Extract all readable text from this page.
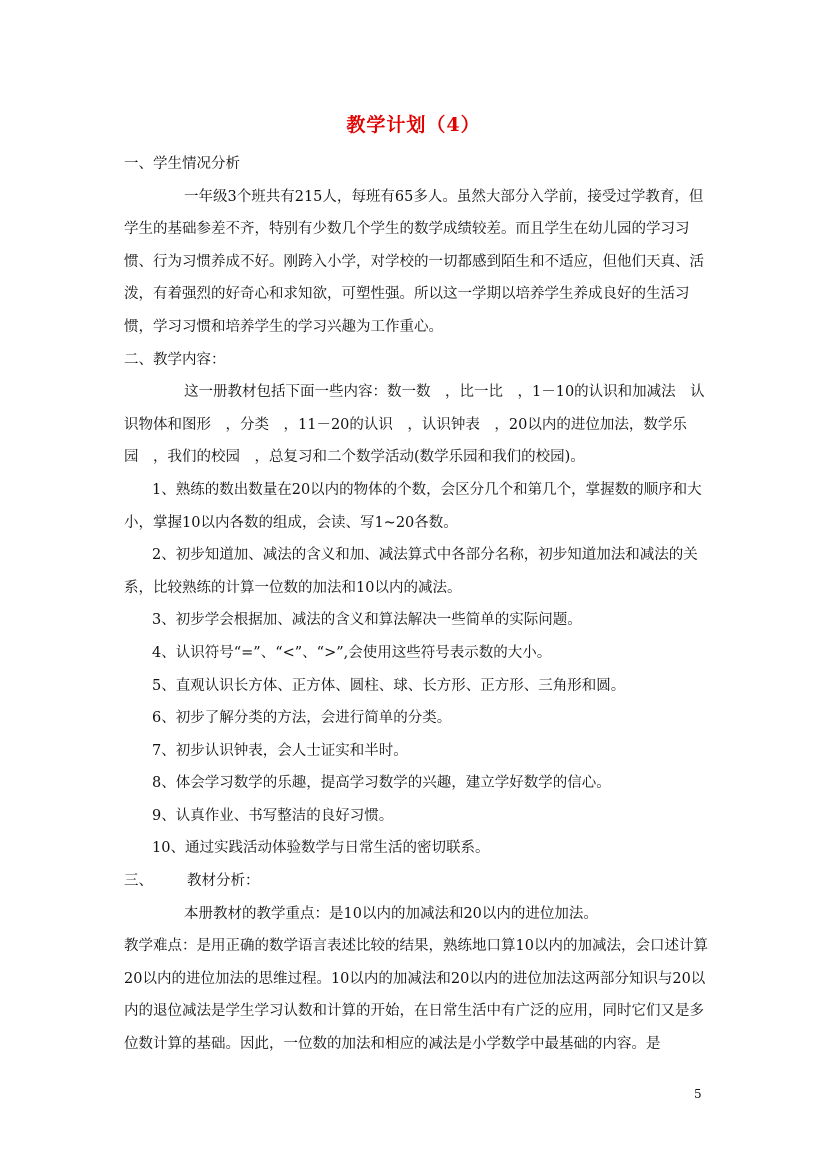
教学计划（4）

一、学生情况分析

一年级3个班共有215人，每班有65多人。虽然大部分入学前，接受过学教育，但学生的基础参差不齐，特别有少数几个学生的数学成绩较差。而且学生在幼儿园的学习习惯、行为习惯养成不好。刚跨入小学，对学校的一切都感到陌生和不适应，但他们天真、活泼，有着强烈的好奇心和求知欲，可塑性强。所以这一学期以培养学生养成良好的生活习惯，学习习惯和培养学生的学习兴趣为工作重心。

二、教学内容：

这一册教材包括下面一些内容：数一数　，比一比　，1－10的认识和加减法　认识物体和图形　，分类　，11－20的认识　，认识钟表　，20以内的进位加法，数学乐园　，我们的校园　，总复习和二个数学活动(数学乐园和我们的校园)。

1、熟练的数出数量在20以内的物体的个数，会区分几个和第几个，掌握数的顺序和大小，掌握10以内各数的组成，会读、写1~20各数。

2、初步知道加、减法的含义和加、减法算式中各部分名称，初步知道加法和减法的关系，比较熟练的计算一位数的加法和10以内的减法。

3、初步学会根据加、减法的含义和算法解决一些简单的实际问题。

4、认识符号“=”、“<”、“>”,会使用这些符号表示数的大小。

5、直观认识长方体、正方体、圆柱、球、长方形、正方形、三角形和圆。

6、初步了解分类的方法，会进行简单的分类。

7、初步认识钟表，会人士证实和半时。

8、体会学习数学的乐趣，提高学习数学的兴趣，建立学好数学的信心。

9、认真作业、书写整洁的良好习惯。

10、通过实践活动体验数学与日常生活的密切联系。

三、 教材分析：

本册教材的教学重点：是10以内的加减法和20以内的进位加法。

教学难点：是用正确的数学语言表述比较的结果，熟练地口算10以内的加减法，会口述计算20以内的进位加法的思维过程。10以内的加减法和20以内的进位加法这两部分知识与20以内的退位减法是学生学习认数和计算的开始，在日常生活中有广泛的应用，同时它们又是多位数计算的基础。因此，一位数的加法和相应的减法是小学数学中最基础的内容。是

5
